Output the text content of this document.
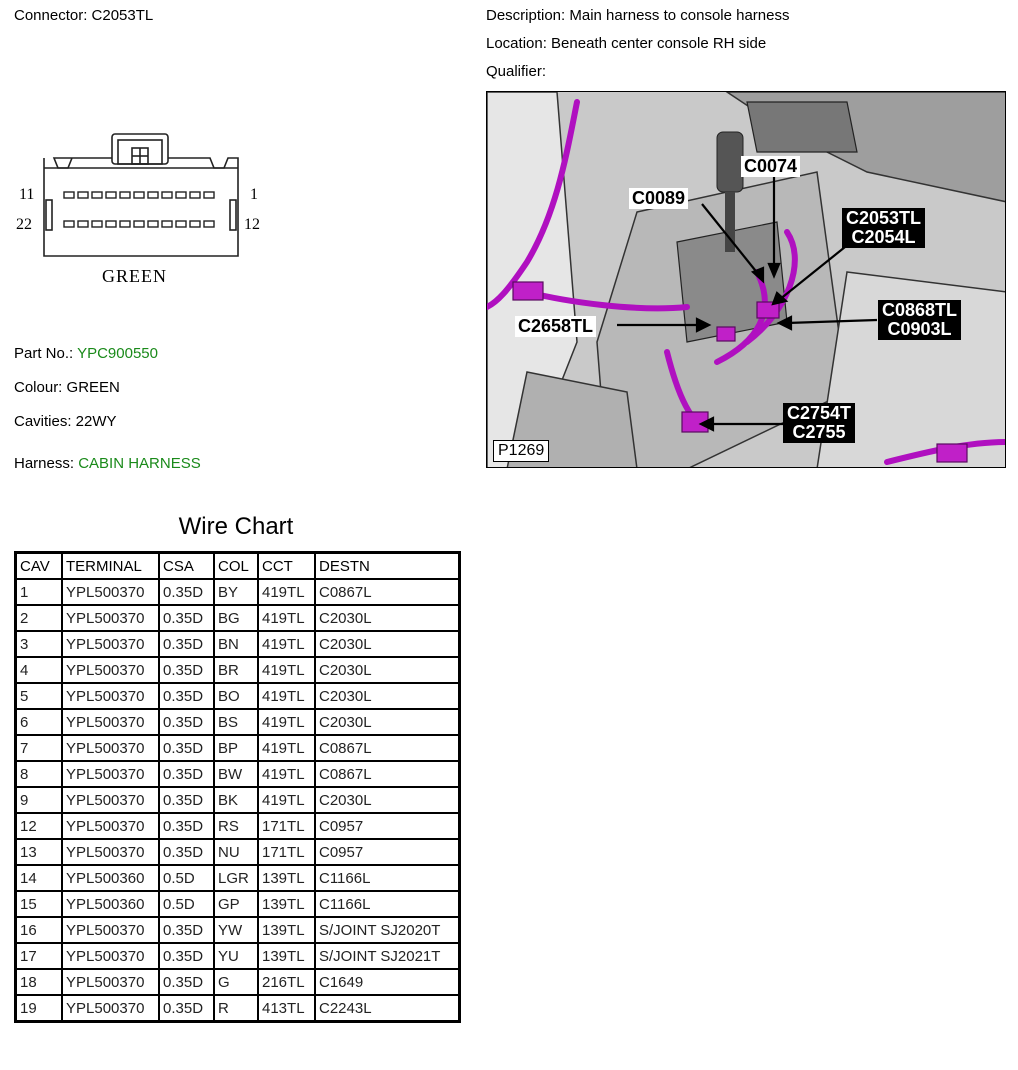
Connector: C2053TL	Description: Main harness to console harness
Location: Beneath center console RH side
Qualifier:
11	1
22	12
GREEN
Part No.: YPC900550
Colour: GREEN
Cavities: 22WY
Harness: CABIN HARNESS
C0074
C0089
C2053TL
C2054L
C0868TL
C0903L
C2658TL
C2754T
C2755
P1269
Wire Chart
CAV	TERMINAL	CSA	COL	CCT	DESTN
1	YPL500370	0.35D	BY	419TL	C0867L
2	YPL500370	0.35D	BG	419TL	C2030L
3	YPL500370	0.35D	BN	419TL	C2030L
4	YPL500370	0.35D	BR	419TL	C2030L
5	YPL500370	0.35D	BO	419TL	C2030L
6	YPL500370	0.35D	BS	419TL	C2030L
7	YPL500370	0.35D	BP	419TL	C0867L
8	YPL500370	0.35D	BW	419TL	C0867L
9	YPL500370	0.35D	BK	419TL	C2030L
12	YPL500370	0.35D	RS	171TL	C0957
13	YPL500370	0.35D	NU	171TL	C0957
14	YPL500360	0.5D	LGR	139TL	C1166L
15	YPL500360	0.5D	GP	139TL	C1166L
16	YPL500370	0.35D	YW	139TL	S/JOINT SJ2020T
17	YPL500370	0.35D	YU	139TL	S/JOINT SJ2021T
18	YPL500370	0.35D	G	216TL	C1649
19	YPL500370	0.35D	R	413TL	C2243L
